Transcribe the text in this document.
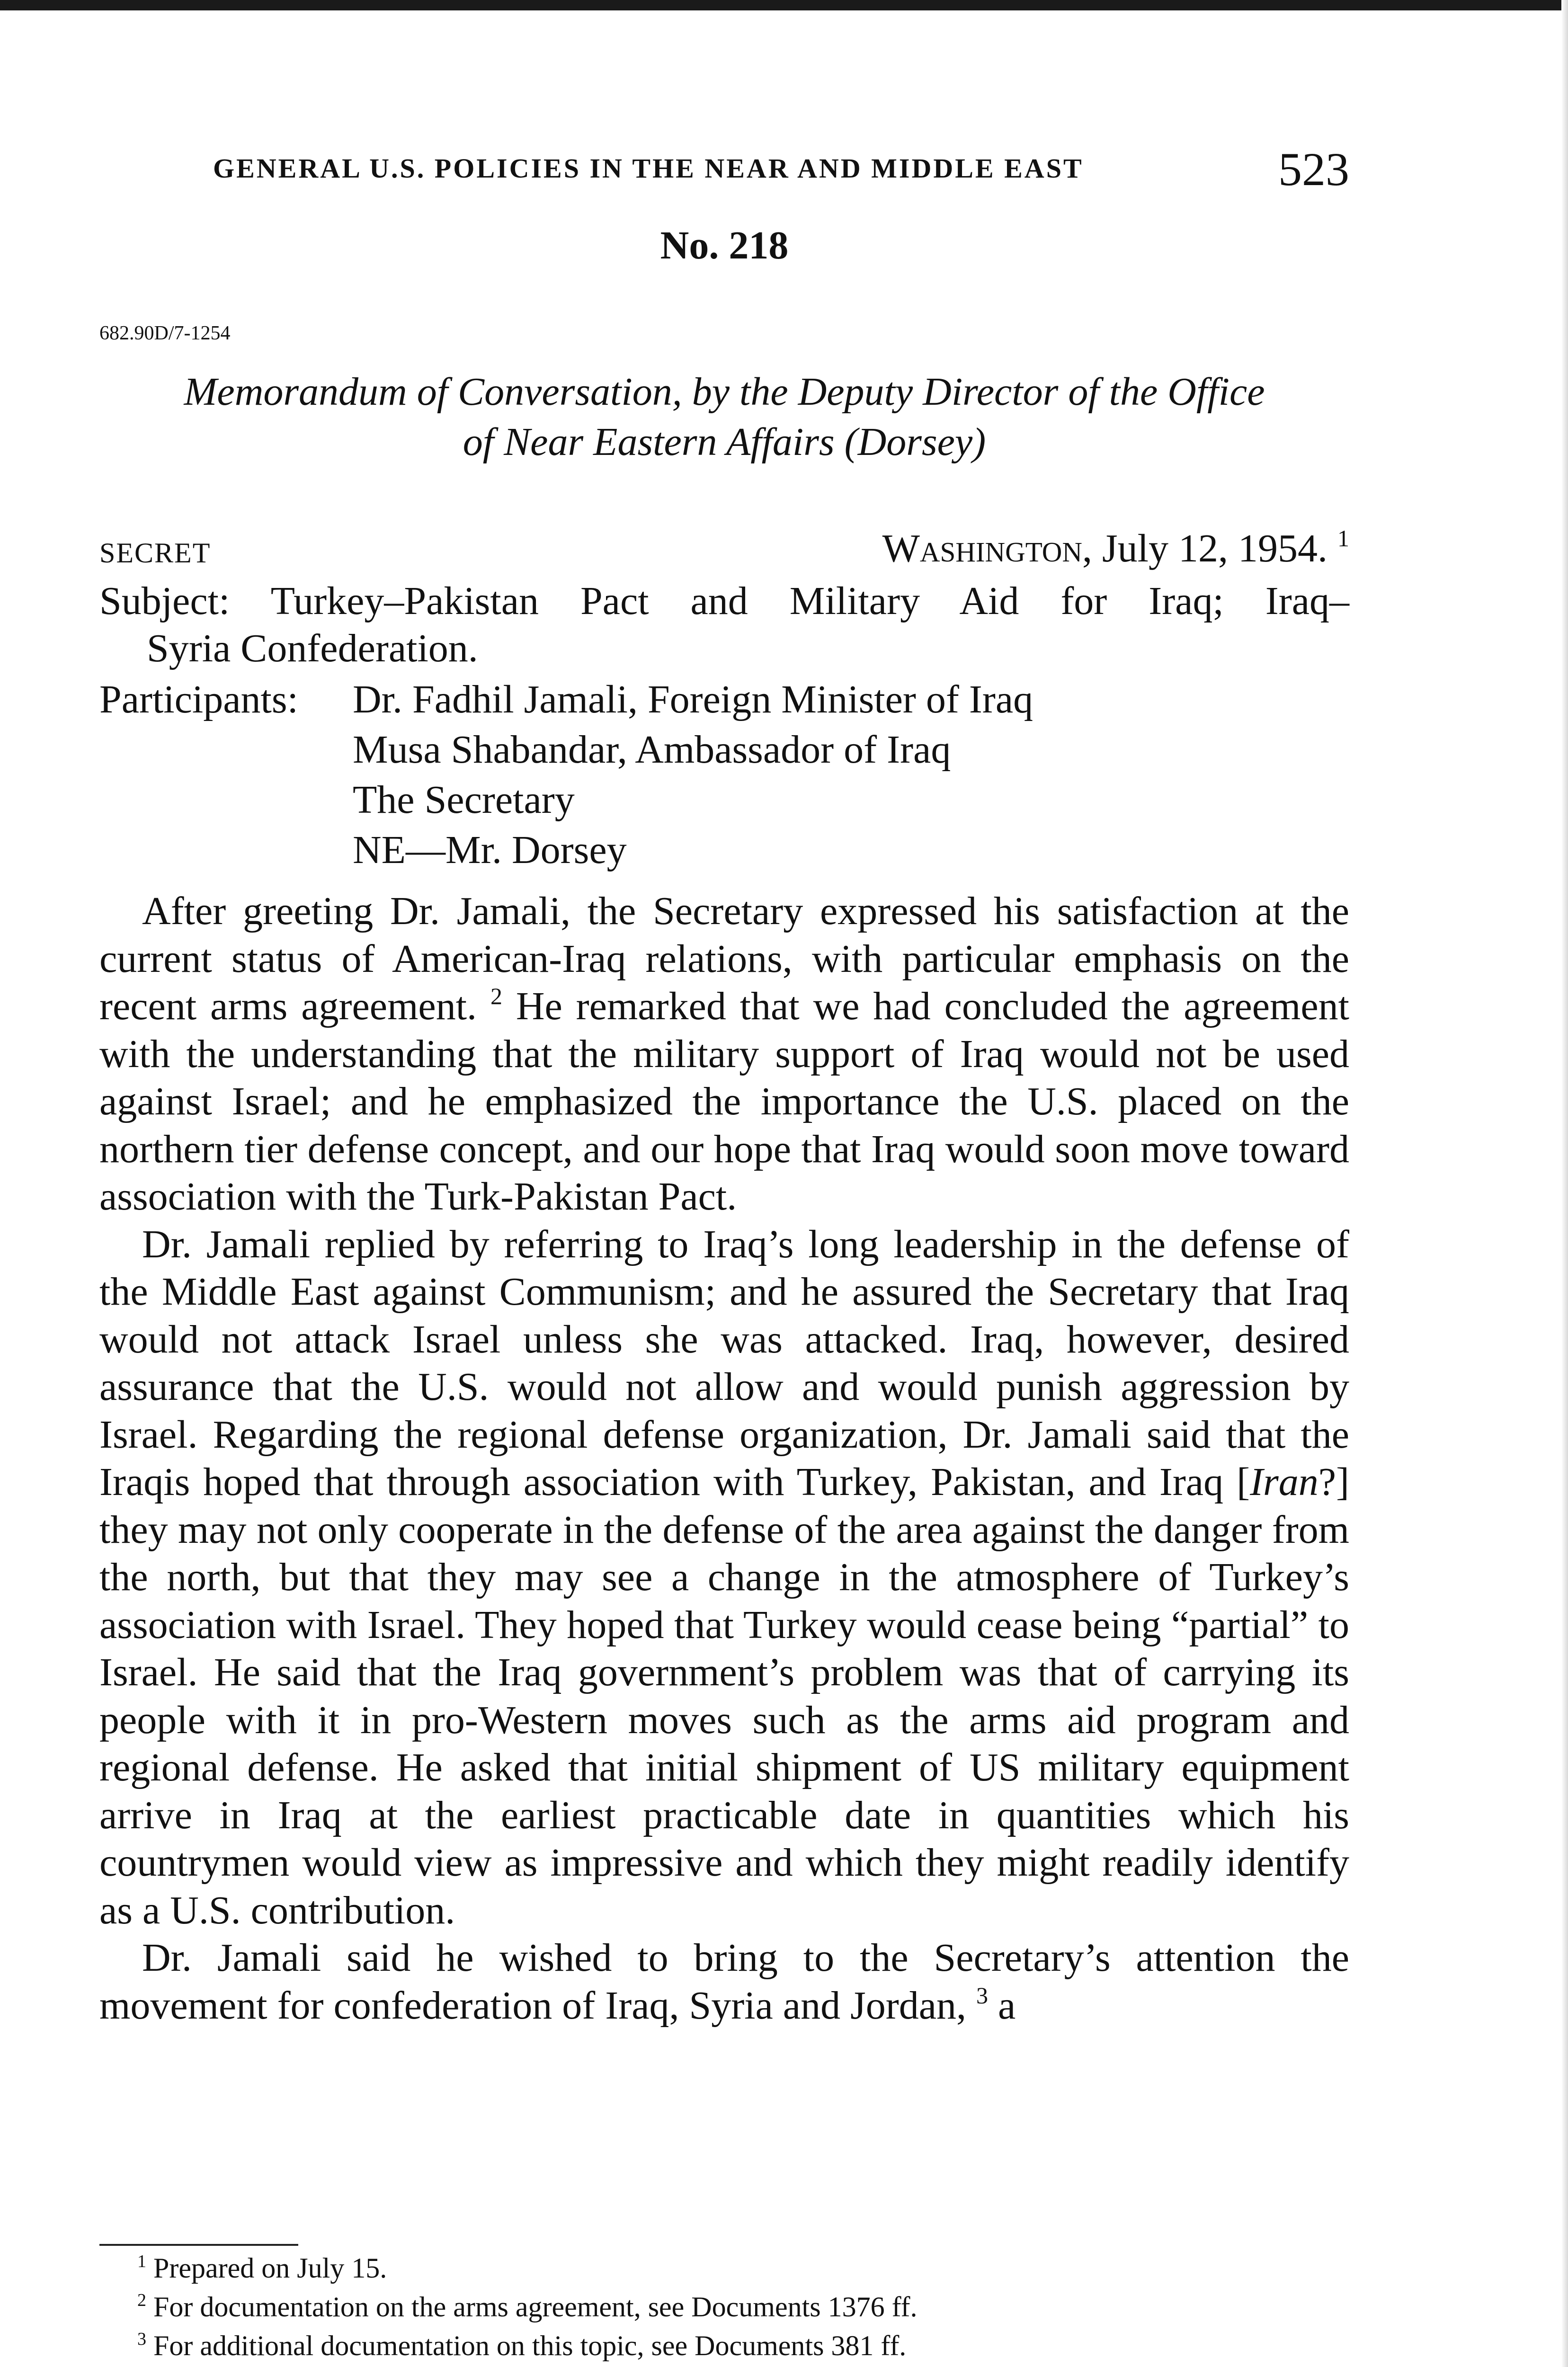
GENERAL U.S. POLICIES IN THE NEAR AND MIDDLE EAST	523
No. 218
682.90D/7-1254
Memorandum of Conversation, by the Deputy Director of the Office
of Near Eastern Affairs (Dorsey)
SECRET	Washington, July 12, 1954. $^1$
Subject: Turkey–Pakistan Pact and Military Aid for Iraq; Iraq–
Syria Confederation.
Participants: Dr. Fadhil Jamali, Foreign Minister of Iraq
Musa Shabandar, Ambassador of Iraq
The Secretary
NE—Mr. Dorsey

After greeting Dr. Jamali, the Secretary expressed his satisfaction at the current status of American-Iraq relations, with particular emphasis on the recent arms agreement. $^2$ He remarked that we had concluded the agreement with the understanding that the military support of Iraq would not be used against Israel; and he emphasized the importance the U.S. placed on the northern tier defense concept, and our hope that Iraq would soon move toward association with the Turk-Pakistan Pact.

Dr. Jamali replied by referring to Iraq’s long leadership in the defense of the Middle East against Communism; and he assured the Secretary that Iraq would not attack Israel unless she was attacked. Iraq, however, desired assurance that the U.S. would not allow and would punish aggression by Israel. Regarding the regional defense organization, Dr. Jamali said that the Iraqis hoped that through association with Turkey, Pakistan, and Iraq [Iran?] they may not only cooperate in the defense of the area against the danger from the north, but that they may see a change in the atmosphere of Turkey’s association with Israel. They hoped that Turkey would cease being “partial” to Israel. He said that the Iraq government’s problem was that of carrying its people with it in pro-Western moves such as the arms aid program and regional defense. He asked that initial shipment of US military equipment arrive in Iraq at the earliest practicable date in quantities which his countrymen would view as impressive and which they might readily identify as a U.S. contribution.

Dr. Jamali said he wished to bring to the Secretary’s attention the movement for confederation of Iraq, Syria and Jordan, $^3$ a

$^1$ Prepared on July 15.
$^2$ For documentation on the arms agreement, see Documents 1376 ff.
$^3$ For additional documentation on this topic, see Documents 381 ff.
